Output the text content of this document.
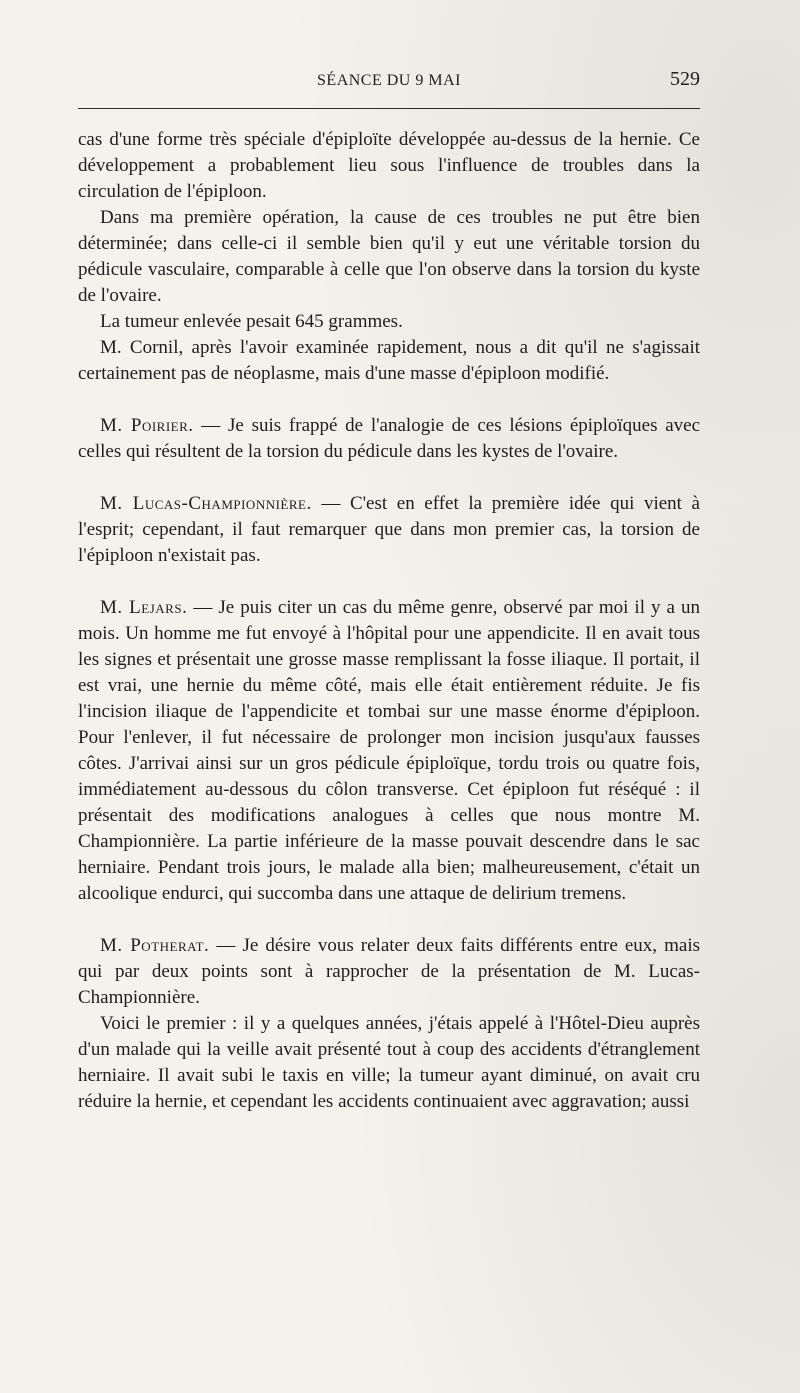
SÉANCE DU 9 MAI	529

cas d'une forme très spéciale d'épiploïte développée au-dessus de la hernie. Ce développement a probablement lieu sous l'influence de troubles dans la circulation de l'épiploon.

Dans ma première opération, la cause de ces troubles ne put être bien déterminée; dans celle-ci il semble bien qu'il y eut une véritable torsion du pédicule vasculaire, comparable à celle que l'on observe dans la torsion du kyste de l'ovaire.

La tumeur enlevée pesait 645 grammes.

M. Cornil, après l'avoir examinée rapidement, nous a dit qu'il ne s'agissait certainement pas de néoplasme, mais d'une masse d'épiploon modifié.

M. Poirier. — Je suis frappé de l'analogie de ces lésions épiploïques avec celles qui résultent de la torsion du pédicule dans les kystes de l'ovaire.

M. Lucas-Championnière. — C'est en effet la première idée qui vient à l'esprit; cependant, il faut remarquer que dans mon premier cas, la torsion de l'épiploon n'existait pas.

M. Lejars. — Je puis citer un cas du même genre, observé par moi il y a un mois. Un homme me fut envoyé à l'hôpital pour une appendicite. Il en avait tous les signes et présentait une grosse masse remplissant la fosse iliaque. Il portait, il est vrai, une hernie du même côté, mais elle était entièrement réduite. Je fis l'incision iliaque de l'appendicite et tombai sur une masse énorme d'épiploon. Pour l'enlever, il fut nécessaire de prolonger mon incision jusqu'aux fausses côtes. J'arrivai ainsi sur un gros pédicule épiploïque, tordu trois ou quatre fois, immédiatement au-dessous du côlon transverse. Cet épiploon fut réséqué : il présentait des modifications analogues à celles que nous montre M. Championnière. La partie inférieure de la masse pouvait descendre dans le sac herniaire. Pendant trois jours, le malade alla bien; malheureusement, c'était un alcoolique endurci, qui succomba dans une attaque de delirium tremens.

M. Potherat. — Je désire vous relater deux faits différents entre eux, mais qui par deux points sont à rapprocher de la présentation de M. Lucas-Championnière.

Voici le premier : il y a quelques années, j'étais appelé à l'Hôtel-Dieu auprès d'un malade qui la veille avait présenté tout à coup des accidents d'étranglement herniaire. Il avait subi le taxis en ville; la tumeur ayant diminué, on avait cru réduire la hernie, et cependant les accidents continuaient avec aggravation; aussi
